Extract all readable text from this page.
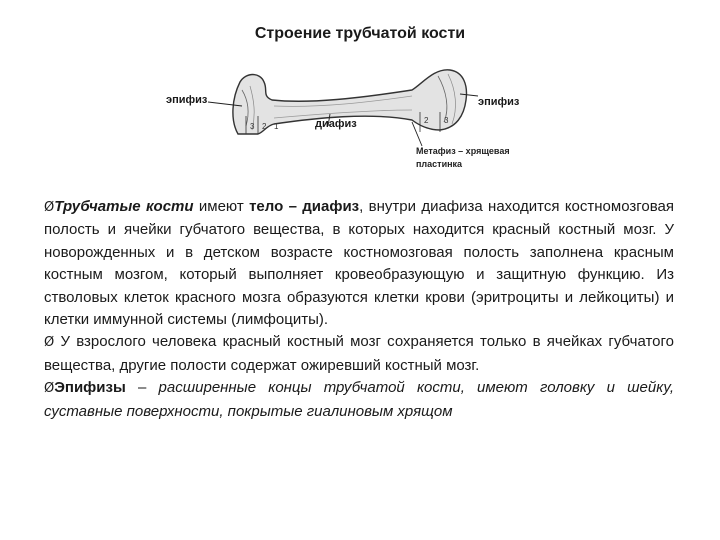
Строение трубчатой кости
эпифиз	эпифиз
диафиз
3 2 1
2 3
Метафиз – хрящевая
пластинка

ØТрубчатые кости имеют тело – диафиз, внутри диафиза находится костномозговая полость и ячейки губчатого вещества, в которых находится красный костный мозг. У новорожденных и в детском возрасте костномозговая полость заполнена красным костным мозгом, который выполняет кровеобразующую и защитную функцию. Из стволовых клеток красного мозга образуются клетки крови (эритроциты и лейкоциты) и клетки иммунной системы (лимфоциты).

Ø У взрослого человека красный костный мозг сохраняется только в ячейках губчатого вещества, другие полости содержат ожиревший костный мозг.

ØЭпифизы – расширенные концы трубчатой кости, имеют головку и шейку, суставные поверхности, покрытые гиалиновым хрящом
